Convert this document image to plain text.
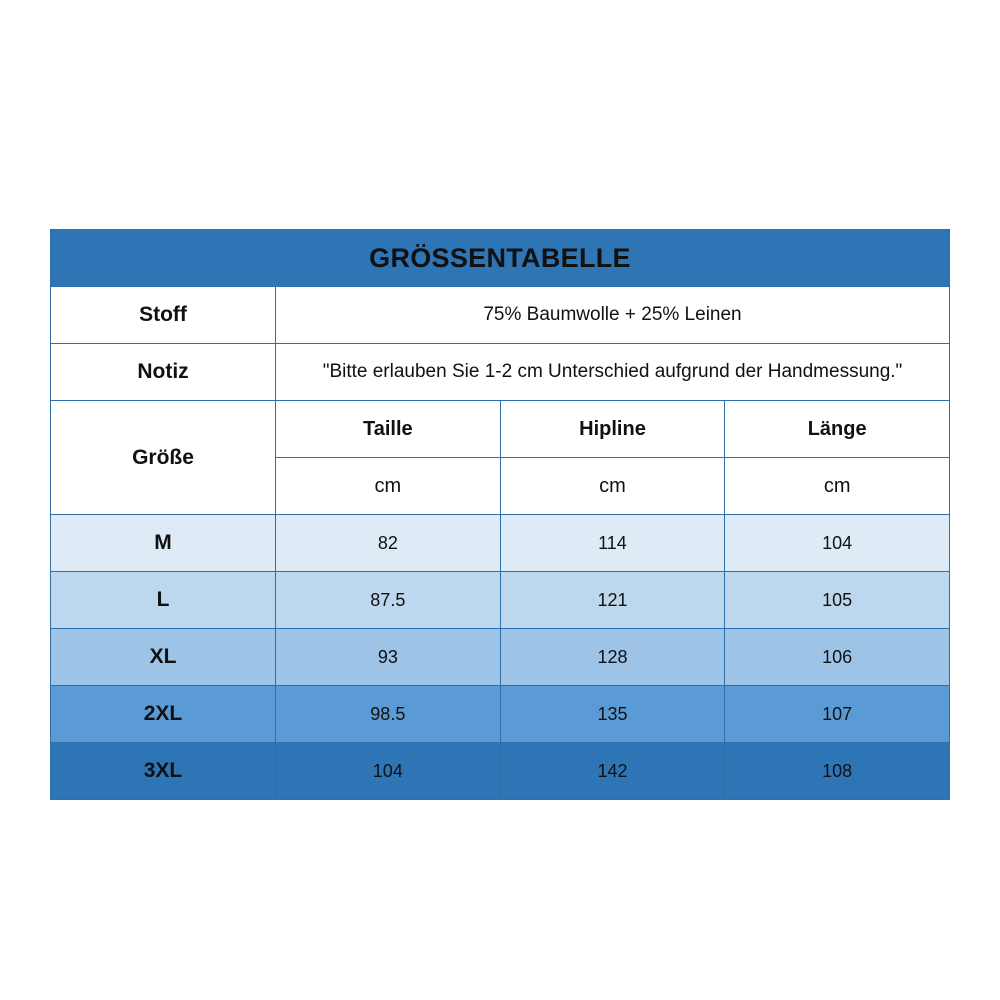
GRÖSSENTABELLE			
Stoff	75% Baumwolle + 25% Leinen		
Notiz	"Bitte erlauben Sie 1-2 cm Unterschied aufgrund der Handmessung."		
Größe	Taille	Hipline	Länge
	cm	cm	cm
M	82	114	104
L	87.5	121	105
XL	93	128	106
2XL	98.5	135	107
3XL	104	142	108
